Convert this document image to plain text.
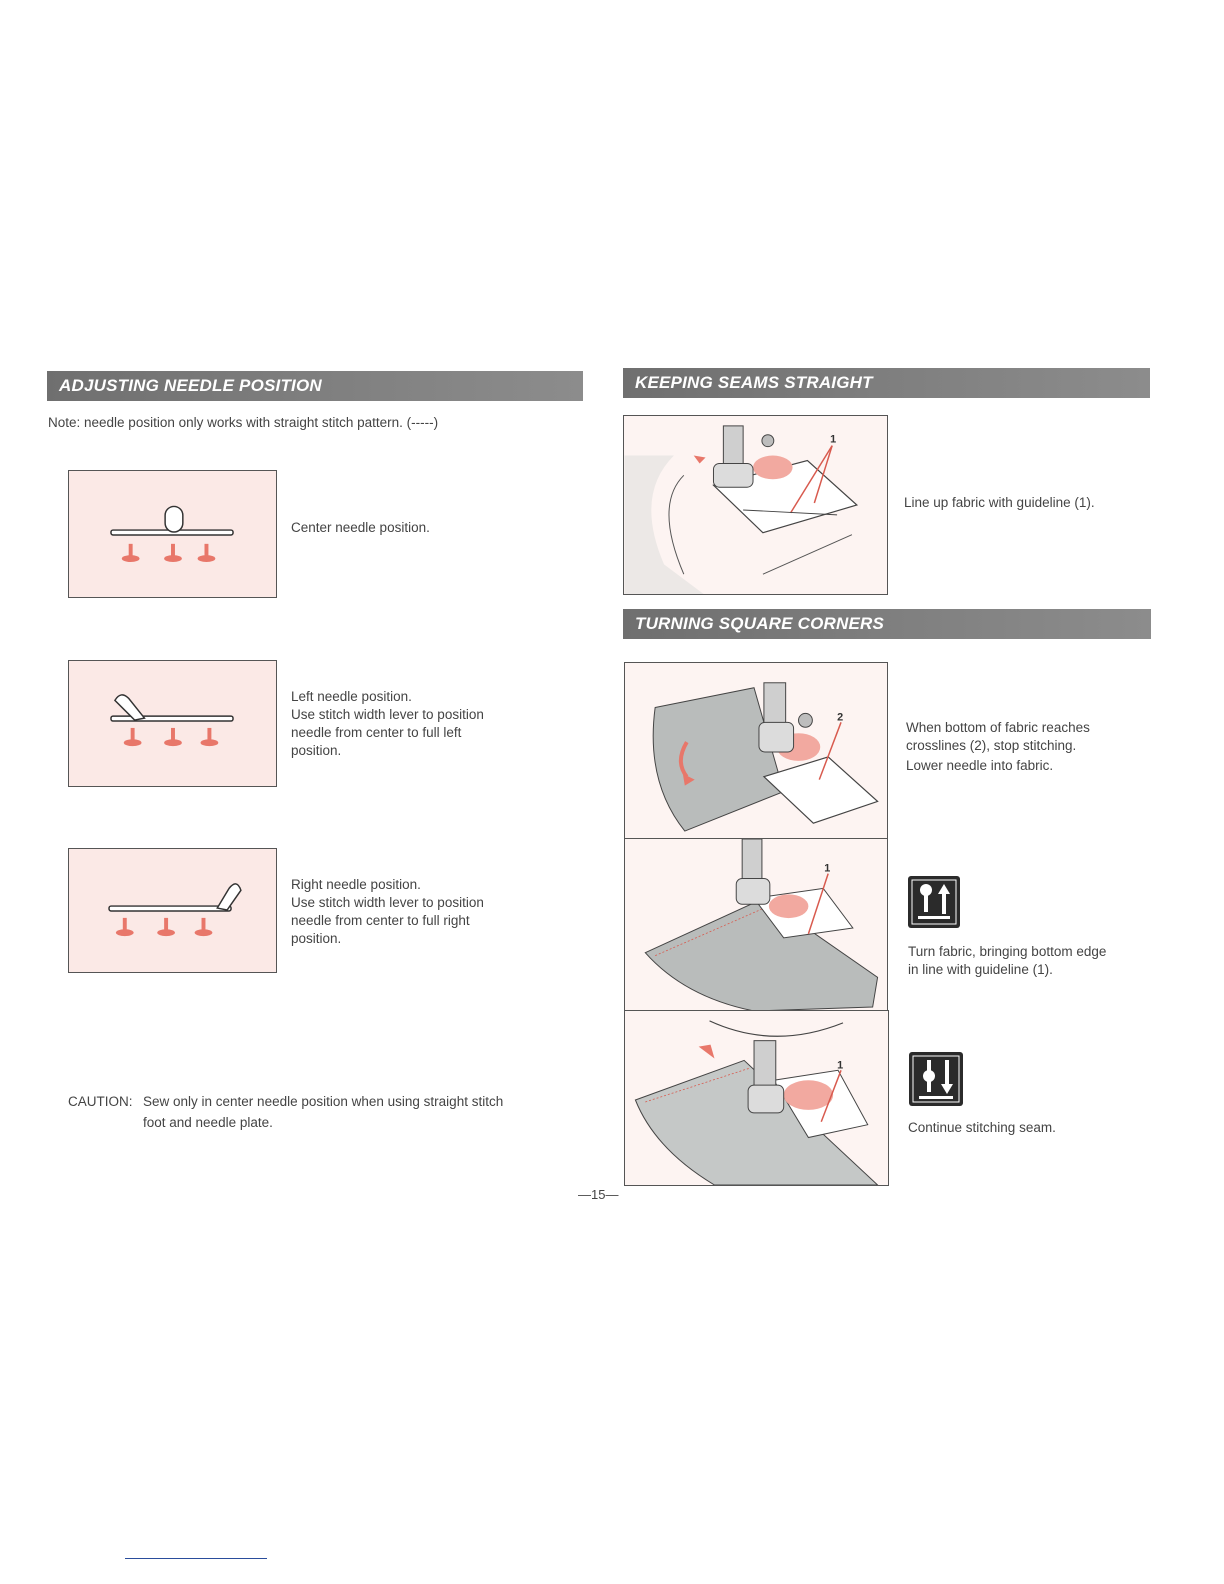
ADJUSTING NEEDLE POSITION
Note: needle position only works with straight stitch pattern. (-----)
Center needle position.
Left needle position.
Use stitch width lever to position
needle from center to full left
position.
Right needle position.
Use stitch width lever to position
needle from center to full right
position.
CAUTION: Sew only in center needle position when using straight stitch
foot and needle plate.
KEEPING SEAMS STRAIGHT
1
Line up fabric with guideline (1).
TURNING SQUARE CORNERS
2
When bottom of fabric reaches
crosslines (2), stop stitching.
Lower needle into fabric.
1
Turn fabric, bringing bottom edge
in line with guideline (1).
1
Continue stitching seam.
—15—
